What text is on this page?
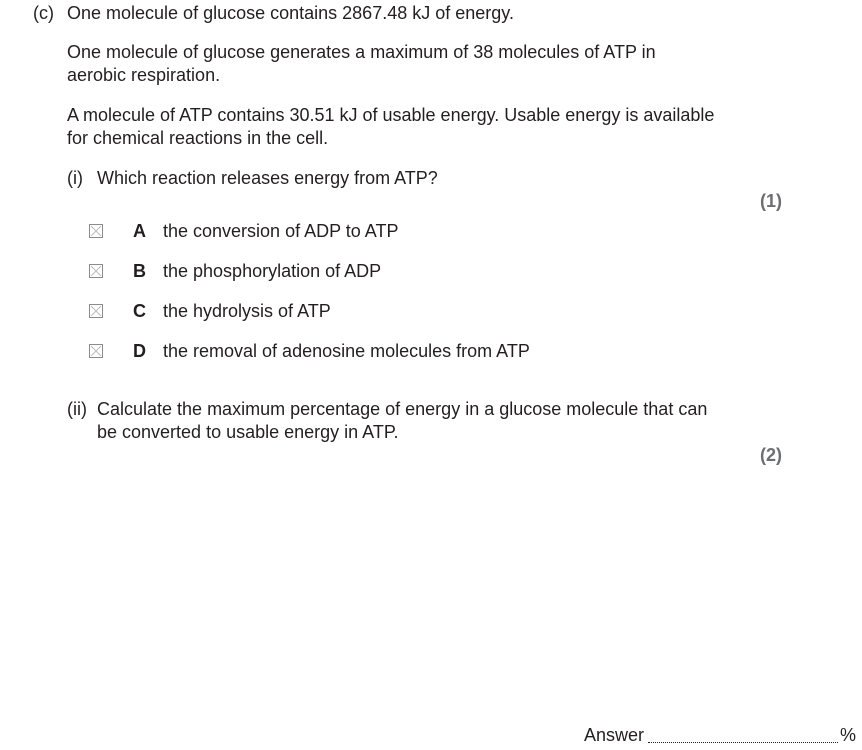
(c) One molecule of glucose contains 2867.48 kJ of energy.
One molecule of glucose generates a maximum of 38 molecules of ATP in
aerobic respiration.
A molecule of ATP contains 30.51 kJ of usable energy. Usable energy is available
for chemical reactions in the cell.
(i) Which reaction releases energy from ATP?
(1)
A the conversion of ADP to ATP
B the phosphorylation of ADP
C the hydrolysis of ATP
D the removal of adenosine molecules from ATP
(ii) Calculate the maximum percentage of energy in a glucose molecule that can
be converted to usable energy in ATP.
(2)
Answer	%
